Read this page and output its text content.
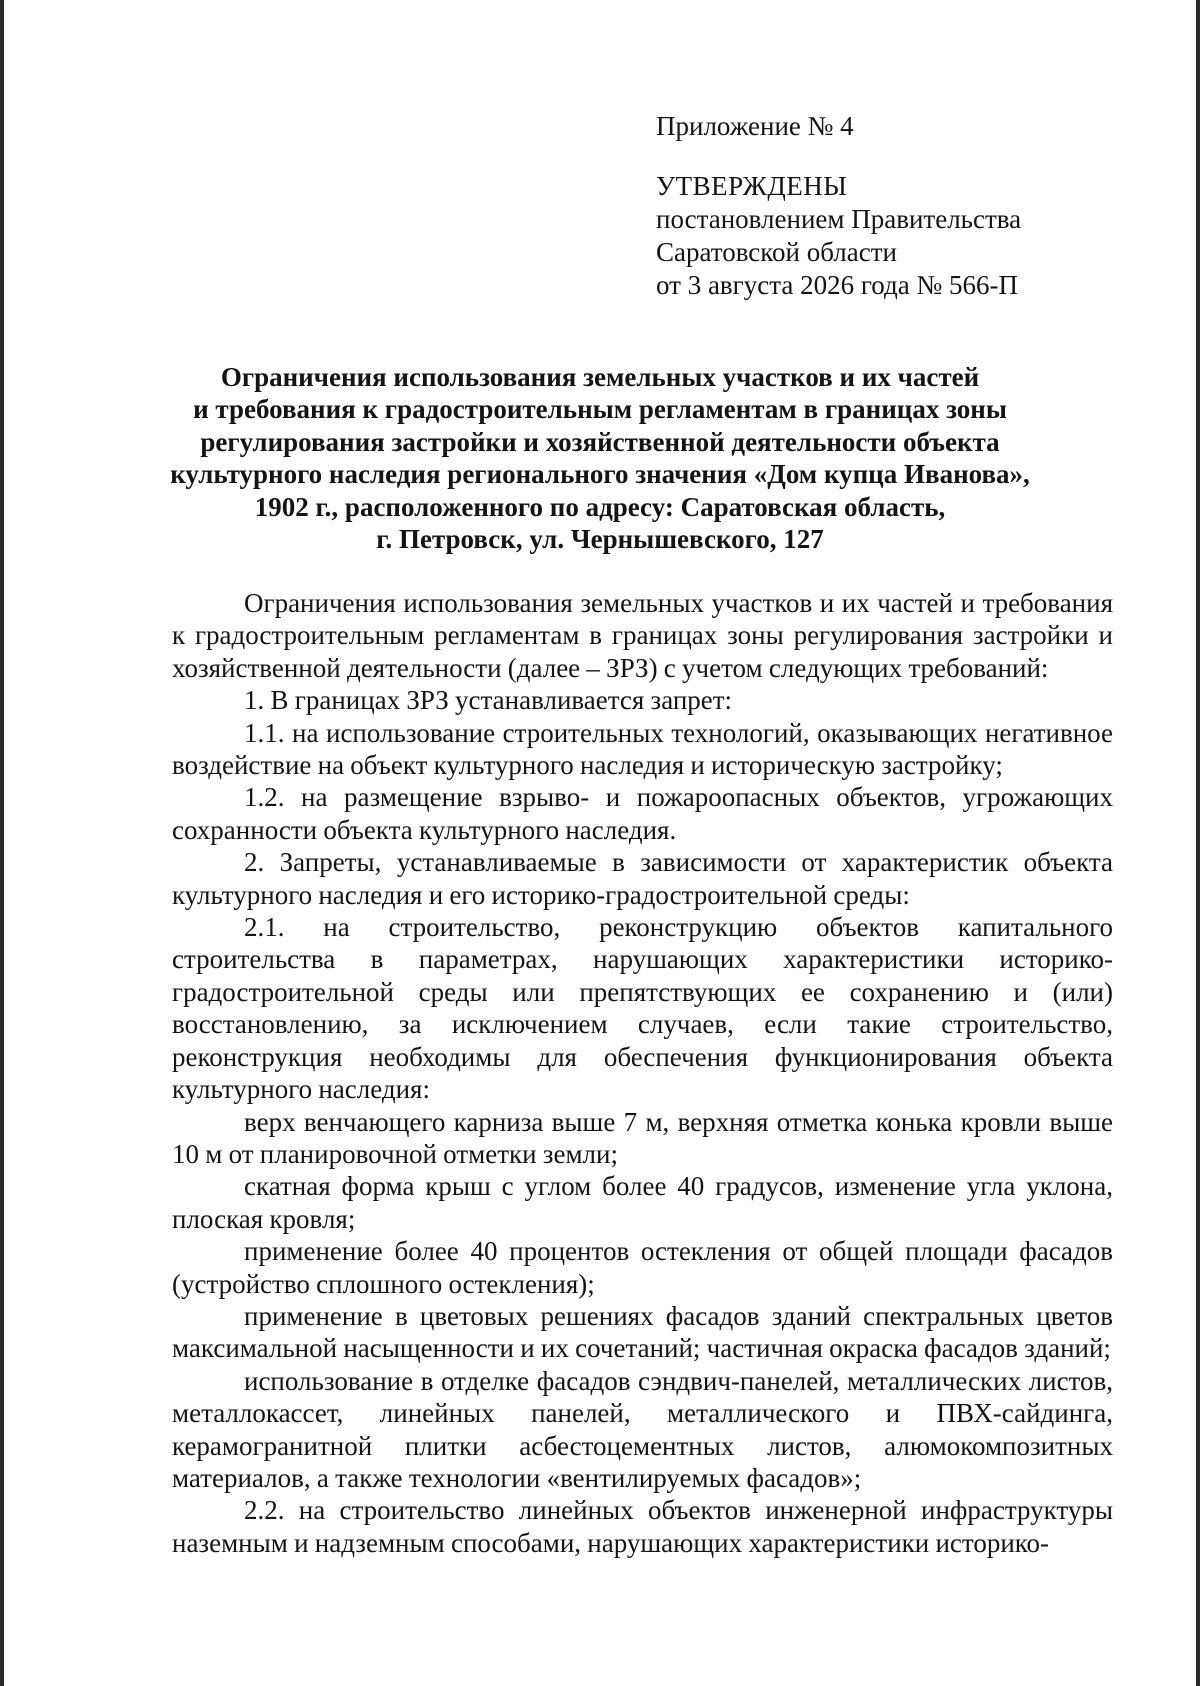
Приложение № 4
УТВЕРЖДЕНЫ
постановлением Правительства
Саратовской области
от 3 августа 2026 года № 566-П
Ограничения использования земельных участков и их частей
и требования к градостроительным регламентам в границах зоны
регулирования застройки и хозяйственной деятельности объекта
культурного наследия регионального значения «Дом купца Иванова»,
1902 г., расположенного по адресу: Саратовская область,
г. Петровск, ул. Чернышевского, 127

Ограничения использования земельных участков и их частей и требования к градостроительным регламентам в границах зоны регулирования застройки и хозяйственной деятельности (далее – ЗРЗ) с учетом следующих требований:

1. В границах ЗРЗ устанавливается запрет:

1.1. на использование строительных технологий, оказывающих негативное воздействие на объект культурного наследия и историческую застройку;

1.2. на размещение взрыво- и пожароопасных объектов, угрожающих сохранности объекта культурного наследия.

2. Запреты, устанавливаемые в зависимости от характеристик объекта культурного наследия и его историко-градостроительной среды:

2.1. на строительство, реконструкцию объектов капитального строительства в параметрах, нарушающих характеристики историко-градостроительной среды или препятствующих ее сохранению и (или) восстановлению, за исключением случаев, если такие строительство, реконструкция необходимы для обеспечения функционирования объекта культурного наследия:

верх венчающего карниза выше 7 м, верхняя отметка конька кровли выше 10 м от планировочной отметки земли;

скатная форма крыш с углом более 40 градусов, изменение угла уклона, плоская кровля;

применение более 40 процентов остекления от общей площади фасадов (устройство сплошного остекления);

применение в цветовых решениях фасадов зданий спектральных цветов максимальной насыщенности и их сочетаний; частичная окраска фасадов зданий;

использование в отделке фасадов сэндвич-панелей, металлических листов, металлокассет, линейных панелей, металлического и ПВХ-сайдинга, керамогранитной плитки асбестоцементных листов, алюмокомпозитных материалов, а также технологии «вентилируемых фасадов»;

2.2. на строительство линейных объектов инженерной инфраструктуры наземным и надземным способами, нарушающих характеристики историко-
